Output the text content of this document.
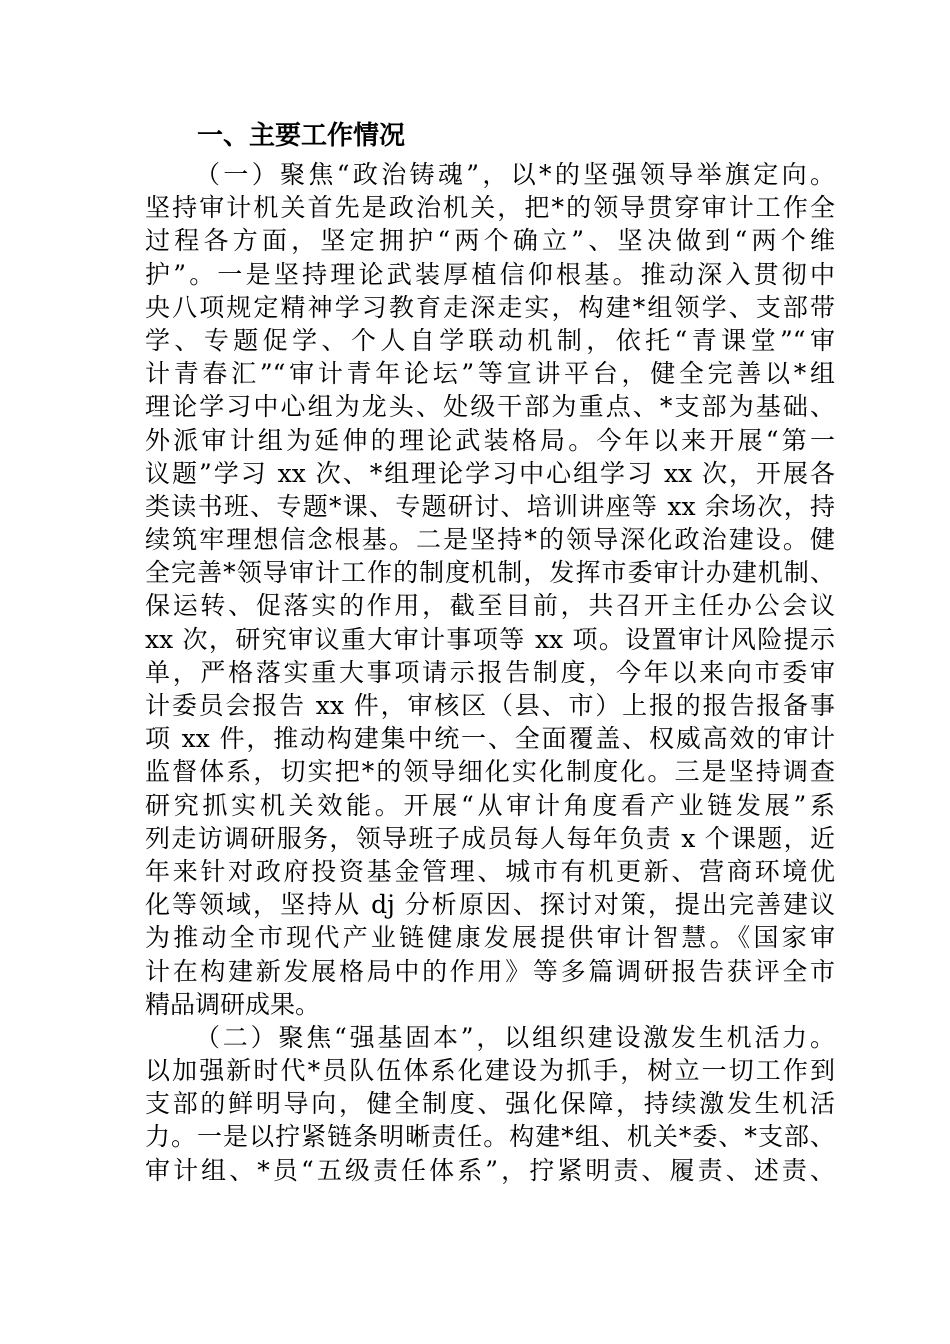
一、主要工作情况

（一）聚焦“政治铸魂”，以*的坚强领导举旗定向。

坚持审计机关首先是政治机关，把*的领导贯穿审计工作全

过程各方面，坚定拥护“两个确立”、坚决做到“两个维

护”。一是坚持理论武装厚植信仰根基。推动深入贯彻中

央八项规定精神学习教育走深走实，构建*组领学、支部带

学、专题促学、个人自学联动机制，依托“青课堂”“审

计青春汇”“审计青年论坛”等宣讲平台，健全完善以*组

理论学习中心组为龙头、处级干部为重点、*支部为基础、

外派审计组为延伸的理论武装格局。今年以来开展“第一

议题”学习 xx 次、*组理论学习中心组学习 xx 次，开展各

类读书班、专题*课、专题研讨、培训讲座等 xx 余场次，持

续筑牢理想信念根基。二是坚持*的领导深化政治建设。健

全完善*领导审计工作的制度机制，发挥市委审计办建机制、

保运转、促落实的作用，截至目前，共召开主任办公会议

xx 次，研究审议重大审计事项等 xx 项。设置审计风险提示

单，严格落实重大事项请示报告制度，今年以来向市委审

计委员会报告 xx 件，审核区（县、市）上报的报告报备事

项 xx 件，推动构建集中统一、全面覆盖、权威高效的审计

监督体系，切实把*的领导细化实化制度化。三是坚持调查

研究抓实机关效能。开展“从审计角度看产业链发展”系

列走访调研服务，领导班子成员每人每年负责 x 个课题，近

年来针对政府投资基金管理、城市有机更新、营商环境优

化等领域，坚持从 dj 分析原因、探讨对策，提出完善建议

为推动全市现代产业链健康发展提供审计智慧。《国家审

计在构建新发展格局中的作用》等多篇调研报告获评全市

精品调研成果。

（二）聚焦“强基固本”，以组织建设激发生机活力。

以加强新时代*员队伍体系化建设为抓手，树立一切工作到

支部的鲜明导向，健全制度、强化保障，持续激发生机活

力。一是以拧紧链条明晰责任。构建*组、机关*委、*支部、

审计组、*员“五级责任体系”，拧紧明责、履责、述责、
